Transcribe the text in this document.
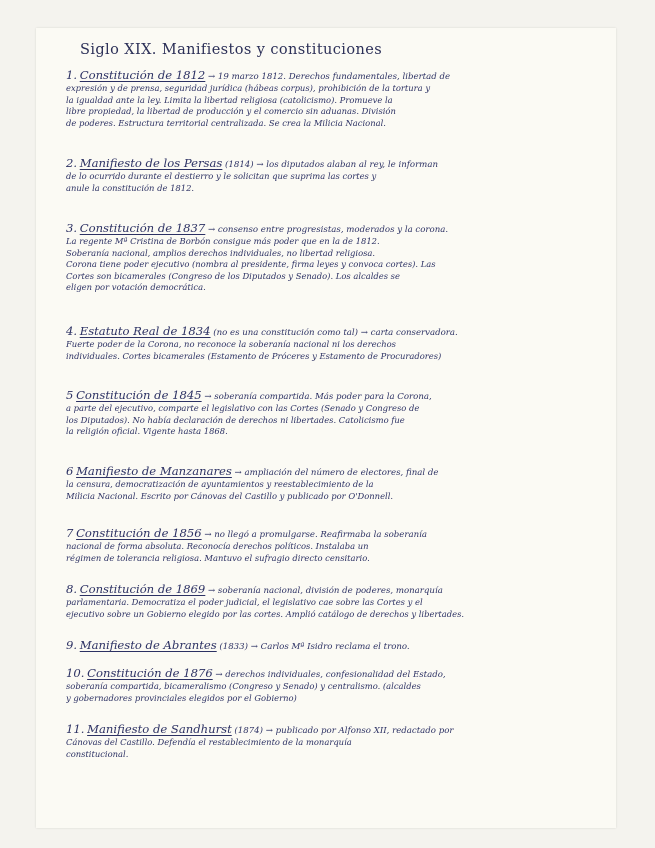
Siglo XIX. Manifiestos y constituciones
1. Constitución de 1812 → 19 marzo 1812. Derechos fundamentales, libertad de
expresión y de prensa, seguridad jurídica (hábeas corpus), prohibición de la tortura y
la igualdad ante la ley. Limita la libertad religiosa (catolicismo). Promueve la
libre propiedad, la libertad de producción y el comercio sin aduanas. División
de poderes. Estructura territorial centralizada. Se crea la Milicia Nacional.
2. Manifiesto de los Persas (1814) → los diputados alaban al rey, le informan
de lo ocurrido durante el destierro y le solicitan que suprima las cortes y
anule la constitución de 1812.
3. Constitución de 1837 → consenso entre progresistas, moderados y la corona.
La regente Mª Cristina de Borbón consigue más poder que en la de 1812.
Soberanía nacional, amplios derechos individuales, no libertad religiosa.
Corona tiene poder ejecutivo (nombra al presidente, firma leyes y convoca cortes). Las
Cortes son bicamerales (Congreso de los Diputados y Senado). Los alcaldes se
eligen por votación democrática.
4. Estatuto Real de 1834 (no es una constitución como tal) → carta conservadora.
Fuerte poder de la Corona, no reconoce la soberanía nacional ni los derechos
individuales. Cortes bicamerales (Estamento de Próceres y Estamento de Procuradores)
5 Constitución de 1845 → soberanía compartida. Más poder para la Corona,
a parte del ejecutivo, comparte el legislativo con las Cortes (Senado y Congreso de
los Diputados). No había declaración de derechos ni libertades. Catolicismo fue
la religión oficial. Vigente hasta 1868.
6 Manifiesto de Manzanares → ampliación del número de electores, final de
la censura, democratización de ayuntamientos y reestablecimiento de la
Milicia Nacional. Escrito por Cánovas del Castillo y publicado por O'Donnell.
7 Constitución de 1856 → no llegó a promulgarse. Reafirmaba la soberanía
nacional de forma absoluta. Reconocía derechos políticos. Instalaba un
régimen de tolerancia religiosa. Mantuvo el sufragio directo censitario.
8. Constitución de 1869 → soberanía nacional, división de poderes, monarquía
parlamentaria. Democratiza el poder judicial, el legislativo cae sobre las Cortes y el
ejecutivo sobre un Gobierno elegido por las cortes. Amplió catálogo de derechos y libertades.
9. Manifiesto de Abrantes (1833) → Carlos Mª Isidro reclama el trono.
10. Constitución de 1876 → derechos individuales, confesionalidad del Estado,
soberanía compartida, bicameralismo (Congreso y Senado) y centralismo. (alcaldes
y gobernadores provinciales elegidos por el Gobierno)
11. Manifiesto de Sandhurst (1874) → publicado por Alfonso XII, redactado por
Cánovas del Castillo. Defendía el restablecimiento de la monarquía
constitucional.
